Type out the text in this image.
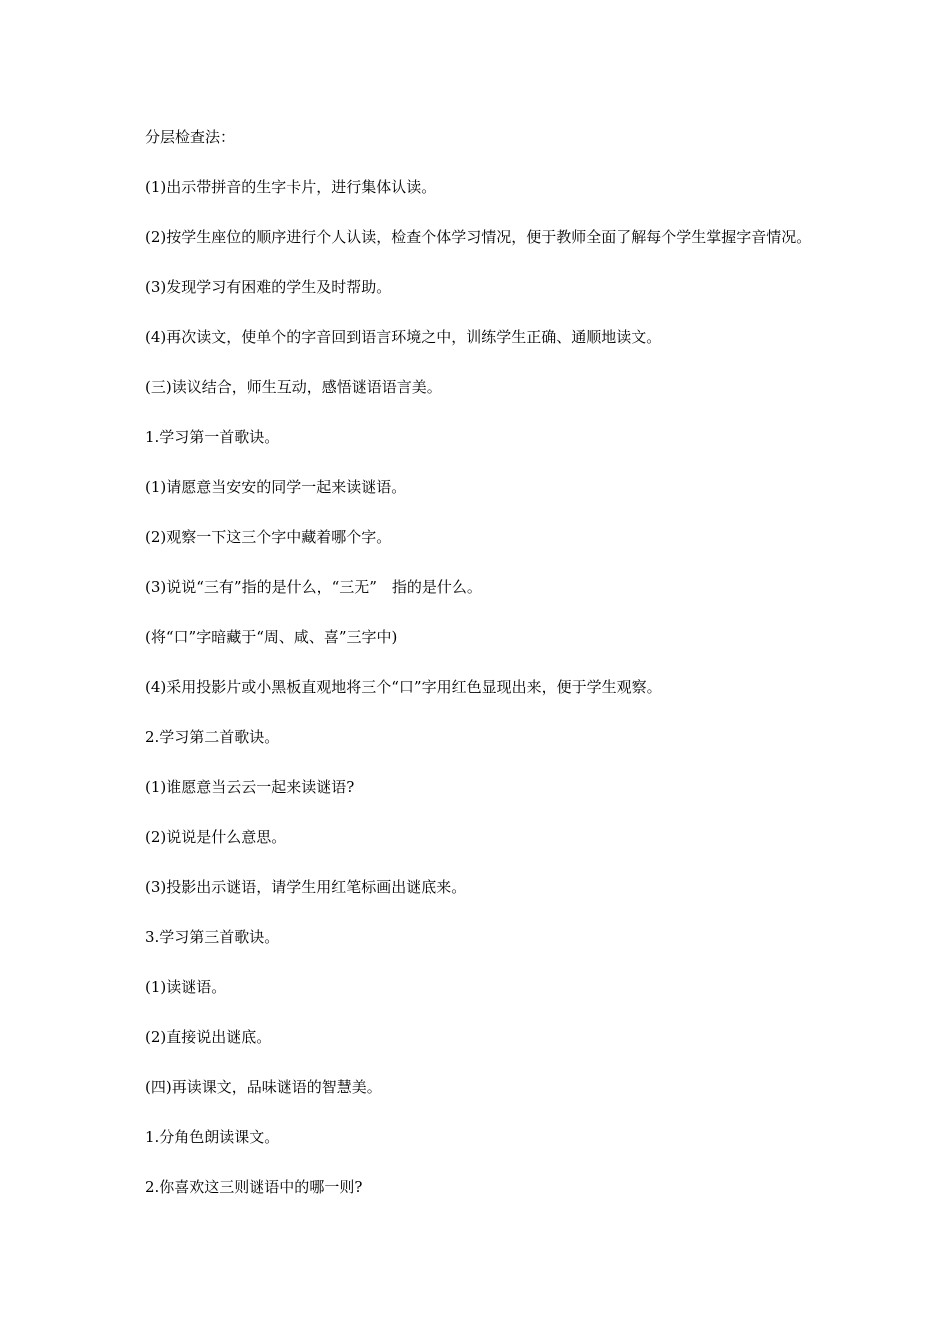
分层检查法：

(1)出示带拼音的生字卡片，进行集体认读。

(2)按学生座位的顺序进行个人认读，检查个体学习情况，便于教师全面了解每个学生掌握字音情况。

(3)发现学习有困难的学生及时帮助。

(4)再次读文，使单个的字音回到语言环境之中，训练学生正确、通顺地读文。

(三)读议结合，师生互动，感悟谜语语言美。

1.学习第一首歌诀。

(1)请愿意当安安的同学一起来读谜语。

(2)观察一下这三个字中藏着哪个字。

(3)说说“三有”指的是什么，“三无”　指的是什么。

(将“口”字暗藏于“周、咸、喜”三字中)

(4)采用投影片或小黑板直观地将三个“口”字用红色显现出来，便于学生观察。

2.学习第二首歌诀。

(1)谁愿意当云云一起来读谜语?

(2)说说是什么意思。

(3)投影出示谜语，请学生用红笔标画出谜底来。

3.学习第三首歌诀。

(1)读谜语。

(2)直接说出谜底。

(四)再读课文，品味谜语的智慧美。

1.分角色朗读课文。

2.你喜欢这三则谜语中的哪一则?
